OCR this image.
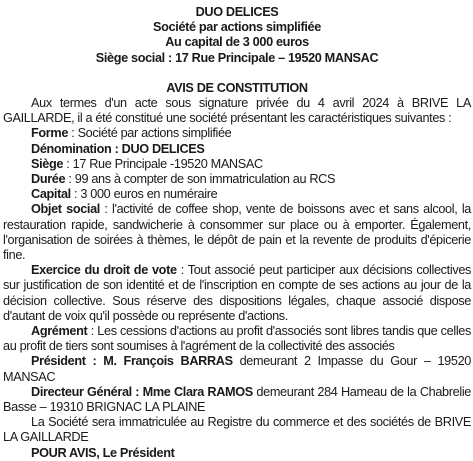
DUO DELICES
Société par actions simplifiée
Au capital de 3 000 euros
Siège social : 17 Rue Principale – 19520 MANSAC
AVIS DE CONSTITUTION

Aux termes d'un acte sous signature privée du 4 avril 2024 à BRIVE LA GAILLARDE, il a été constitué une société présentant les caractéristiques suivantes :

Forme : Société par actions simplifiée

Dénomination : DUO DELICES

Siège : 17 Rue Principale -19520 MANSAC

Durée : 99 ans à compter de son immatriculation au RCS

Capital : 3 000 euros en numéraire

Objet social : l'activité de coffee shop, vente de boissons avec et sans alcool, la restauration rapide, sandwicherie à consommer sur place ou à emporter. Également, l'organisation de soirées à thèmes, le dépôt de pain et la revente de produits d'épicerie fine.

Exercice du droit de vote : Tout associé peut participer aux décisions collectives sur justification de son identité et de l'inscription en compte de ses actions au jour de la décision collective. Sous réserve des dispositions légales, chaque associé dispose d'autant de voix qu'il possède ou représente d'actions.

Agrément : Les cessions d'actions au profit d'associés sont libres tandis que celles au profit de tiers sont soumises à l'agrément de la collectivité des associés

Président : M. François BARRAS demeurant 2 Impasse du Gour – 19520 MANSAC

Directeur Général : Mme Clara RAMOS demeurant 284 Hameau de la Chabrelie Basse – 19310 BRIGNAC LA PLAINE

La Société sera immatriculée au Registre du commerce et des sociétés de BRIVE LA GAILLARDE

POUR AVIS, Le Président
